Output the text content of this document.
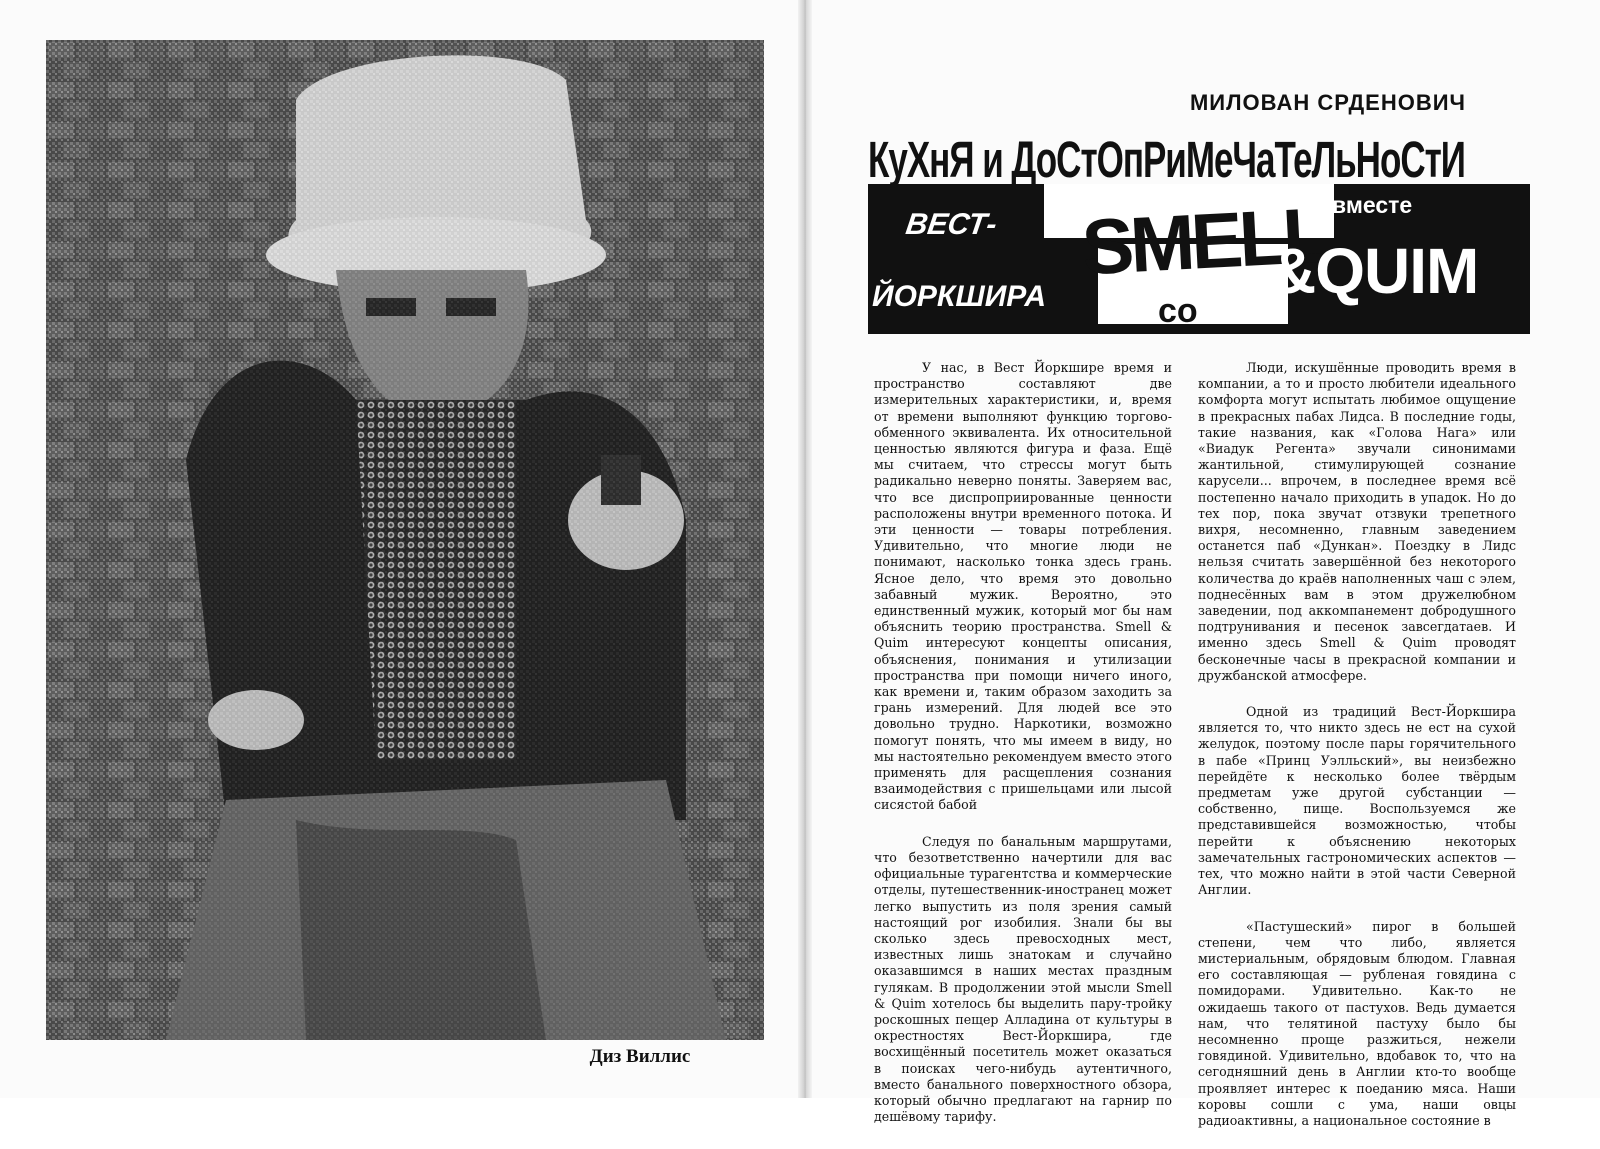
Диз Виллис
МИЛОВАН СРДЕНОВИЧ
КуХнЯ и ДоСтОпРиМеЧаТеЛьНоСтИ
вместе
ВЕСТ-
ЙОРКШИРА
SMELL
co
&QUIM

У нас, в Вест Йоркшире время и пространство составляют две измерительных характеристики, и, время от времени выполняют функцию торгово-обменного эквивалента. Их относительной ценностью являются фигура и фаза. Ещё мы считаем, что стрессы могут быть радикально неверно поняты. Заверяем вас, что все диспроприированные ценности расположены внутри временного потока. И эти ценности — товары потребления. Удивительно, что многие люди не понимают, насколько тонка здесь грань. Ясное дело, что время это довольно забавный мужик. Вероятно, это единственный мужик, который мог бы нам объяснить теорию пространства. Smell & Quim интересуют концепты описания, объяснения, понимания и утилизации пространства при помощи ничего иного, как времени и, таким образом заходить за грань измерений. Для людей все это довольно трудно. Наркотики, возможно помогут понять, что мы имеем в виду, но мы настоятельно рекомендуем вместо этого применять для расщепления сознания взаимодействия с пришельцами или лысой сисястой бабой

Следуя по банальным маршрутами, что безответственно начертили для вас официальные турагентства и коммерческие отделы, путешественник-иностранец может легко выпустить из поля зрения самый настоящий рог изобилия. Знали бы вы сколько здесь превосходных мест, известных лишь знатокам и случайно оказавшимся в наших местах праздным гулякам. В продолжении этой мысли Smell & Quim хотелось бы выделить пару-тройку роскошных пещер Алладина от культуры в окрестностях Вест-Йоркшира, где восхищённый посетитель может оказаться в поисках чего-нибудь аутентичного, вместо банального поверхностного обзора, который обычно предлагают на гарнир по дешёвому тарифу.

Люди, искушённые проводить время в компании, а то и просто любители идеального комфорта могут испытать любимое ощущение в прекрасных пабах Лидса. В последние годы, такие названия, как «Голова Нага» или «Виадук Регента» звучали синонимами жантильной, стимулирующей сознание карусели... впрочем, в последнее время всё постепенно начало приходить в упадок. Но до тех пор, пока звучат отзвуки трепетного вихря, несомненно, главным заведением останется паб «Дункан». Поездку в Лидс нельзя считать завершённой без некоторого количества до краёв наполненных чаш с элем, поднесённых вам в этом дружелюбном заведении, под аккомпанемент добродушного подтрунивания и песенок завсегдатаев. И именно здесь Smell & Quim проводят бесконечные часы в прекрасной компании и дружбанской атмосфере.

Одной из традиций Вест-Йоркшира является то, что никто здесь не ест на сухой желудок, поэтому после пары горячительного в пабе «Принц Уэлльский», вы неизбежно перейдёте к несколько более твёрдым предметам уже другой субстанции — собственно, пище. Воспользуемся же представившейся возможностью, чтобы перейти к объяснению некоторых замечательных гастрономических аспектов — тех, что можно найти в этой части Северной Англии.

«Пастушеский» пирог в большей степени, чем что либо, является мистериальным, обрядовым блюдом. Главная его составляющая — рубленая говядина с помидорами. Удивительно. Как-то не ожидаешь такого от пастухов. Ведь думается нам, что телятиной пастуху было бы несомненно проще разжиться, нежели говядиной. Удивительно, вдобавок то, что на сегодняшний день в Англии кто-то вообще проявляет интерес к поеданию мяса. Наши коровы сошли с ума, наши овцы радиоактивны, а национальное состояние в
